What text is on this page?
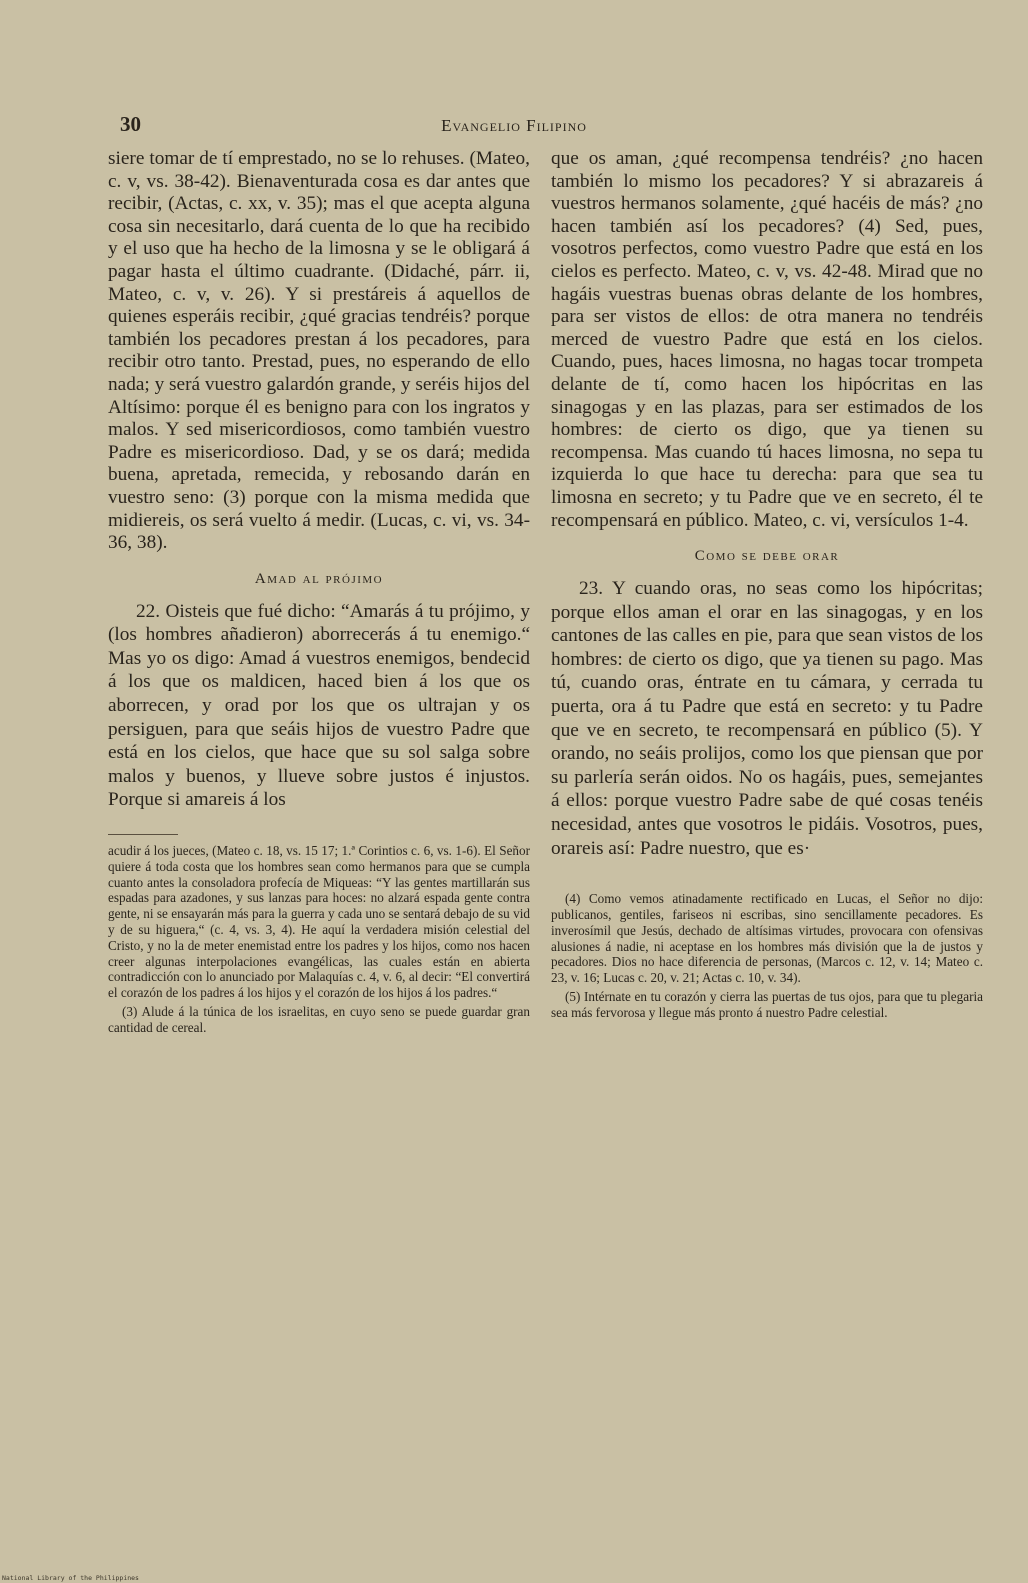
30	Evangelio Filipino

siere tomar de tí emprestado, no se lo rehuses. (Mateo, c. v, vs. 38-42). Bienaventurada cosa es dar antes que recibir, (Actas, c. xx, v. 35); mas el que acepta alguna cosa sin necesitarlo, dará cuenta de lo que ha recibido y el uso que ha hecho de la limosna y se le obligará á pagar hasta el último cuadrante. (Didaché, párr. ii, Mateo, c. v, v. 26). Y si prestáreis á aquellos de quienes esperáis recibir, ¿qué gracias tendréis? porque también los pecadores prestan á los pecadores, para recibir otro tanto. Prestad, pues, no esperando de ello nada; y será vuestro galardón grande, y seréis hijos del Altísimo: porque él es benigno para con los ingratos y malos. Y sed misericordiosos, como también vuestro Padre es misericordioso. Dad, y se os dará; medida buena, apretada, remecida, y rebosando darán en vuestro seno: (3) porque con la misma medida que midiereis, os será vuelto á medir. (Lucas, c. vi, vs. 34-36, 38).

Amad al prójimo

22. Oisteis que fué dicho: “Amarás á tu prójimo, y (los hombres añadieron) aborrecerás á tu enemigo.“ Mas yo os digo: Amad á vuestros enemigos, bendecid á los que os maldicen, haced bien á los que os aborrecen, y orad por los que os ultrajan y os persiguen, para que seáis hijos de vuestro Padre que está en los cielos, que hace que su sol salga sobre malos y buenos, y llueve sobre justos é injustos. Porque si amareis á los

acudir á los jueces, (Mateo c. 18, vs. 15 17; 1.ª Corintios c. 6, vs. 1-6). El Señor quiere á toda costa que los hombres sean como hermanos para que se cumpla cuanto antes la consoladora profecía de Miqueas: “Y las gentes martillarán sus espadas para azadones, y sus lanzas para hoces: no alzará espada gente contra gente, ni se ensayarán más para la guerra y cada uno se sentará debajo de su vid y de su higuera,“ (c. 4, vs. 3, 4). He aquí la verdadera misión celestial del Cristo, y no la de meter enemistad entre los padres y los hijos, como nos hacen creer algunas interpolaciones evangélicas, las cuales están en abierta contradicción con lo anunciado por Malaquías c. 4, v. 6, al decir: “El convertirá el corazón de los padres á los hijos y el corazón de los hijos á los padres.“

(3) Alude á la túnica de los israelitas, en cuyo seno se puede guardar gran cantidad de cereal.

que os aman, ¿qué recompensa tendréis? ¿no hacen también lo mismo los pecadores? Y si abrazareis á vuestros hermanos solamente, ¿qué hacéis de más? ¿no hacen también así los pecadores? (4) Sed, pues, vosotros perfectos, como vuestro Padre que está en los cielos es perfecto. Mateo, c. v, vs. 42-48. Mirad que no hagáis vuestras buenas obras delante de los hombres, para ser vistos de ellos: de otra manera no tendréis merced de vuestro Padre que está en los cielos. Cuando, pues, haces limosna, no hagas tocar trompeta delante de tí, como hacen los hipócritas en las sinagogas y en las plazas, para ser estimados de los hombres: de cierto os digo, que ya tienen su recompensa. Mas cuando tú haces limosna, no sepa tu izquierda lo que hace tu derecha: para que sea tu limosna en secreto; y tu Padre que ve en secreto, él te recompensará en público. Mateo, c. vi, versículos 1-4.

Como se debe orar

23. Y cuando oras, no seas como los hipócritas; porque ellos aman el orar en las sinagogas, y en los cantones de las calles en pie, para que sean vistos de los hombres: de cierto os digo, que ya tienen su pago. Mas tú, cuando oras, éntrate en tu cámara, y cerrada tu puerta, ora á tu Padre que está en secreto: y tu Padre que ve en secreto, te recompensará en público (5). Y orando, no seáis prolijos, como los que piensan que por su parlería serán oidos. No os hagáis, pues, semejantes á ellos: porque vuestro Padre sabe de qué cosas tenéis necesidad, antes que vosotros le pidáis. Vosotros, pues, orareis así: Padre nuestro, que es·

(4) Como vemos atinadamente rectificado en Lucas, el Señor no dijo: publicanos, gentiles, fariseos ni escribas, sino sencillamente pecadores. Es inverosímil que Jesús, dechado de altísimas virtudes, provocara con ofensivas alusiones á nadie, ni aceptase en los hombres más división que la de justos y pecadores. Dios no hace diferencia de personas, (Marcos c. 12, v. 14; Mateo c. 23, v. 16; Lucas c. 20, v. 21; Actas c. 10, v. 34).

(5) Intérnate en tu corazón y cierra las puertas de tus ojos, para que tu plegaria sea más fervorosa y llegue más pronto á nuestro Padre celestial.

National Library of the Philippines
